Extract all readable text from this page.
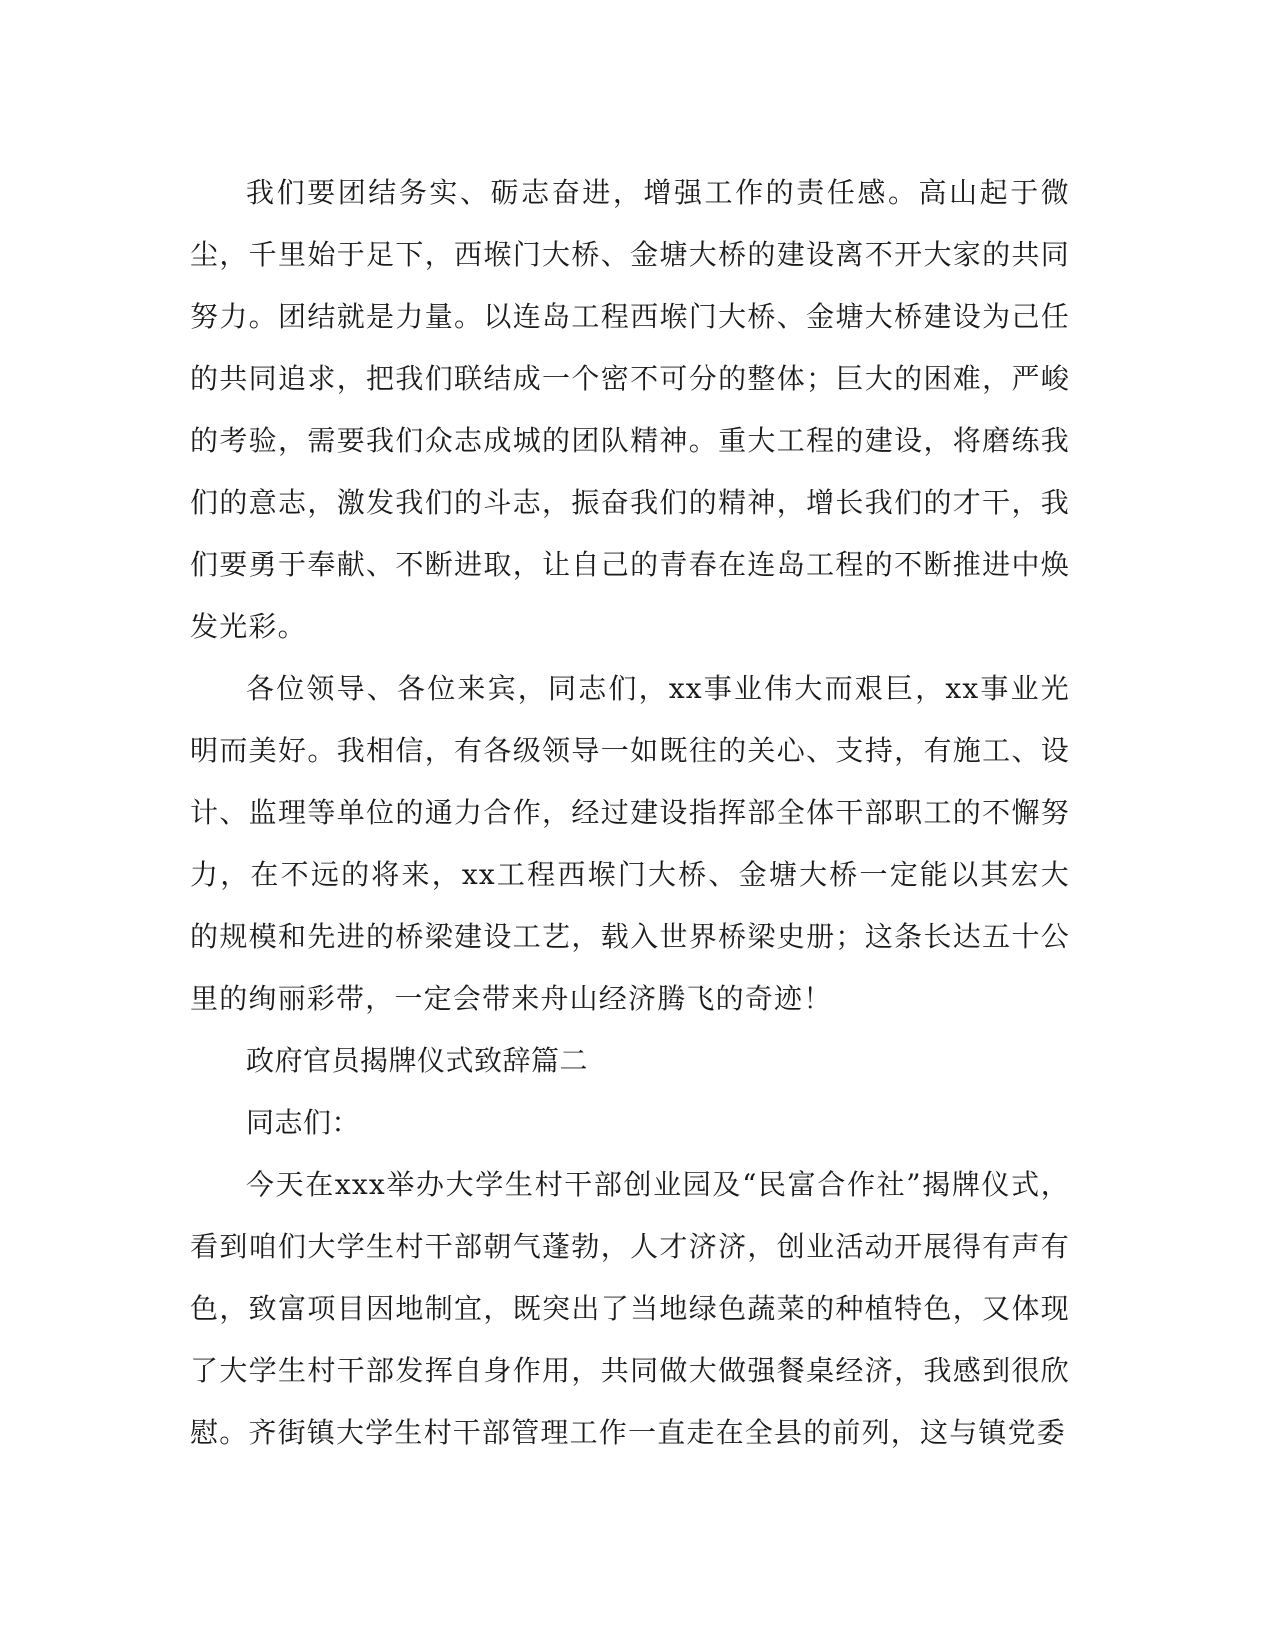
我们要团结务实、砺志奋进，增强工作的责任感。高山起于微尘，千里始于足下，西堠门大桥、金塘大桥的建设离不开大家的共同努力。团结就是力量。以连岛工程西堠门大桥、金塘大桥建设为己任的共同追求，把我们联结成一个密不可分的整体；巨大的困难，严峻的考验，需要我们众志成城的团队精神。重大工程的建设，将磨练我们的意志，激发我们的斗志，振奋我们的精神，增长我们的才干，我们要勇于奉献、不断进取，让自己的青春在连岛工程的不断推进中焕发光彩。

各位领导、各位来宾，同志们，xx事业伟大而艰巨，xx事业光明而美好。我相信，有各级领导一如既往的关心、支持，有施工、设计、监理等单位的通力合作，经过建设指挥部全体干部职工的不懈努力，在不远的将来，xx工程西堠门大桥、金塘大桥一定能以其宏大的规模和先进的桥梁建设工艺，载入世界桥梁史册；这条长达五十公里的绚丽彩带，一定会带来舟山经济腾飞的奇迹！

政府官员揭牌仪式致辞篇二

同志们：

今天在xxx举办大学生村干部创业园及“民富合作社”揭牌仪式，看到咱们大学生村干部朝气蓬勃，人才济济，创业活动开展得有声有色，致富项目因地制宜，既突出了当地绿色蔬菜的种植特色，又体现了大学生村干部发挥自身作用，共同做大做强餐桌经济，我感到很欣慰。齐街镇大学生村干部管理工作一直走在全县的前列，这与镇党委
